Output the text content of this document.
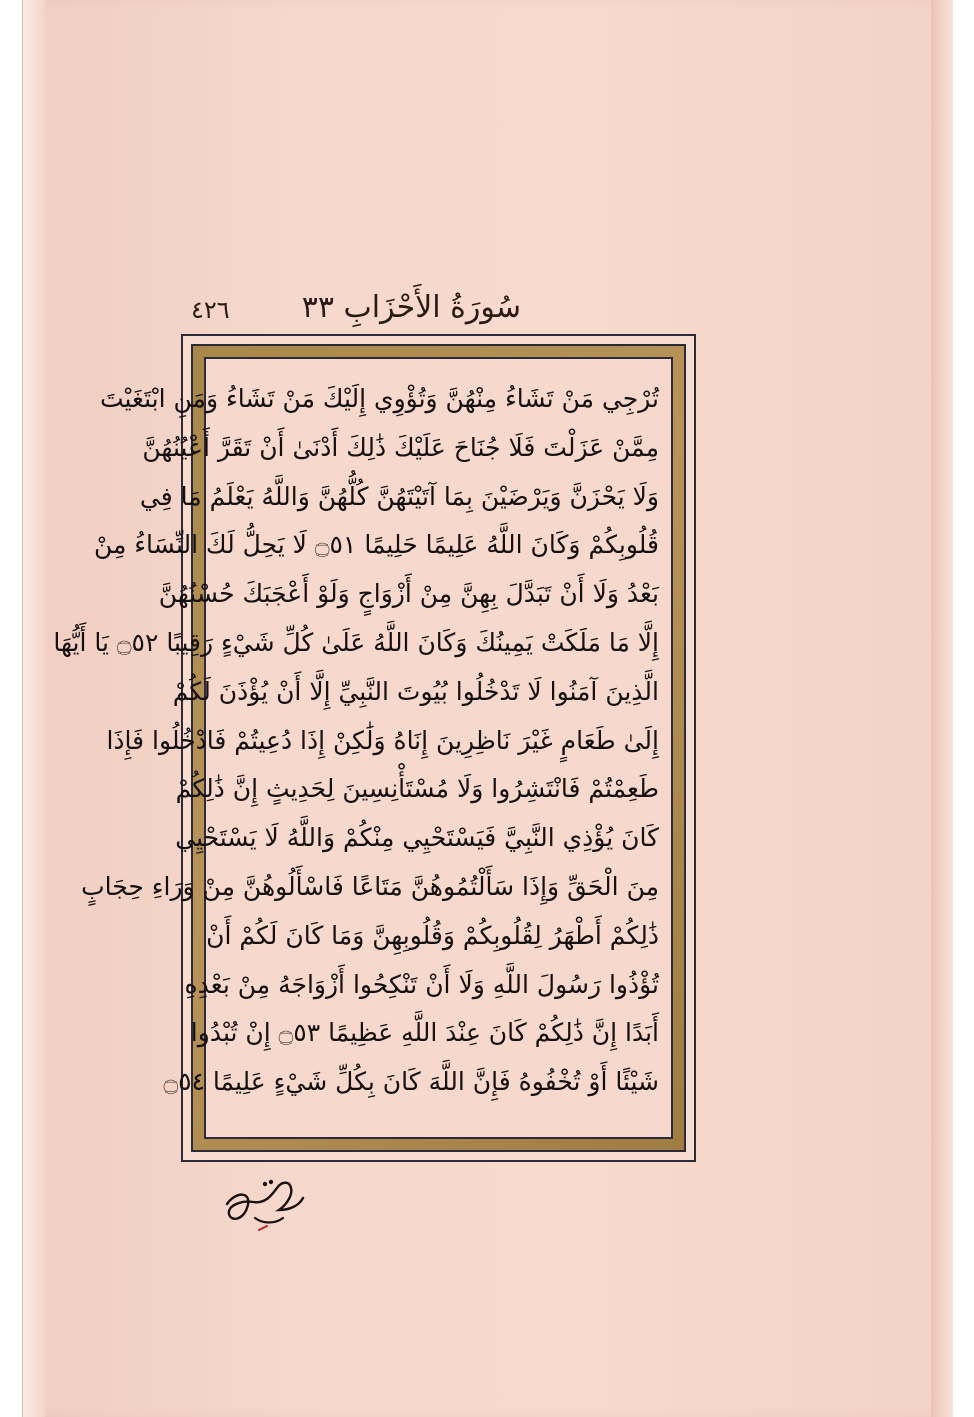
٤٢٦ سُورَةُ الأَحْزَابِ ٣٣
تُرْجِي مَنْ تَشَاءُ مِنْهُنَّ وَتُؤْوِي إِلَيْكَ مَنْ تَشَاءُ وَمَنِ ابْتَغَيْتَ
مِمَّنْ عَزَلْتَ فَلَا جُنَاحَ عَلَيْكَ ذَٰلِكَ أَدْنَىٰ أَنْ تَقَرَّ أَعْيُنُهُنَّ
وَلَا يَحْزَنَّ وَيَرْضَيْنَ بِمَا آتَيْتَهُنَّ كُلُّهُنَّ وَاللَّهُ يَعْلَمُ مَا فِي
قُلُوبِكُمْ وَكَانَ اللَّهُ عَلِيمًا حَلِيمًا ۝٥١ لَا يَحِلُّ لَكَ النِّسَاءُ مِنْ
بَعْدُ وَلَا أَنْ تَبَدَّلَ بِهِنَّ مِنْ أَزْوَاجٍ وَلَوْ أَعْجَبَكَ حُسْنُهُنَّ
إِلَّا مَا مَلَكَتْ يَمِينُكَ وَكَانَ اللَّهُ عَلَىٰ كُلِّ شَيْءٍ رَقِيبًا ۝٥٢ يَا أَيُّهَا
الَّذِينَ آمَنُوا لَا تَدْخُلُوا بُيُوتَ النَّبِيِّ إِلَّا أَنْ يُؤْذَنَ لَكُمْ
إِلَىٰ طَعَامٍ غَيْرَ نَاظِرِينَ إِنَاهُ وَلَٰكِنْ إِذَا دُعِيتُمْ فَادْخُلُوا فَإِذَا
طَعِمْتُمْ فَانْتَشِرُوا وَلَا مُسْتَأْنِسِينَ لِحَدِيثٍ إِنَّ ذَٰلِكُمْ
كَانَ يُؤْذِي النَّبِيَّ فَيَسْتَحْيِي مِنْكُمْ وَاللَّهُ لَا يَسْتَحْيِي
مِنَ الْحَقِّ وَإِذَا سَأَلْتُمُوهُنَّ مَتَاعًا فَاسْأَلُوهُنَّ مِنْ وَرَاءِ حِجَابٍ
ذَٰلِكُمْ أَطْهَرُ لِقُلُوبِكُمْ وَقُلُوبِهِنَّ وَمَا كَانَ لَكُمْ أَنْ
تُؤْذُوا رَسُولَ اللَّهِ وَلَا أَنْ تَنْكِحُوا أَزْوَاجَهُ مِنْ بَعْدِهِ
أَبَدًا إِنَّ ذَٰلِكُمْ كَانَ عِنْدَ اللَّهِ عَظِيمًا ۝٥٣ إِنْ تُبْدُوا
شَيْئًا أَوْ تُخْفُوهُ فَإِنَّ اللَّهَ كَانَ بِكُلِّ شَيْءٍ عَلِيمًا ۝٥٤
